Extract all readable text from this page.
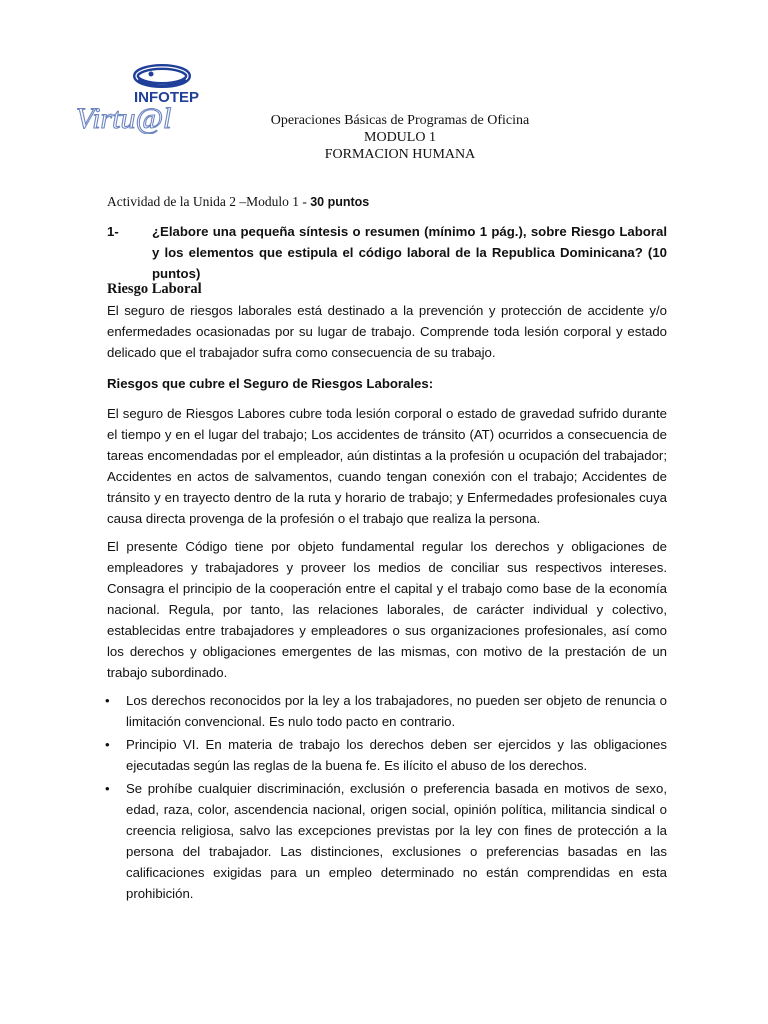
INFOTEP
Virtu@l	Operaciones Básicas de Programas de Oficina
MODULO 1
FORMACION HUMANA
Actividad de la Unida 2 –Modulo 1 - 30 puntos
1-	¿Elabore una pequeña síntesis o resumen (mínimo 1 pág.), sobre Riesgo Laboral y los elementos que estipula el código laboral de la Republica Dominicana? (10 puntos)
Riesgo Laboral
El seguro de riesgos laborales está destinado a la prevención y protección de accidente y/o enfermedades ocasionadas por su lugar de trabajo. Comprende toda lesión corporal y estado delicado que el trabajador sufra como consecuencia de su trabajo.
Riesgos que cubre el Seguro de Riesgos Laborales:
El seguro de Riesgos Labores cubre toda lesión corporal o estado de gravedad sufrido durante el tiempo y en el lugar del trabajo; Los accidentes de tránsito (AT) ocurridos a consecuencia de tareas encomendadas por el empleador, aún distintas a la profesión u ocupación del trabajador; Accidentes en actos de salvamentos, cuando tengan conexión con el trabajo; Accidentes de tránsito y en trayecto dentro de la ruta y horario de trabajo; y Enfermedades profesionales cuya causa directa provenga de la profesión o el trabajo que realiza la persona.
El presente Código tiene por objeto fundamental regular los derechos y obligaciones de empleadores y trabajadores y proveer los medios de conciliar sus respectivos intereses. Consagra el principio de la cooperación entre el capital y el trabajo como base de la economía nacional. Regula, por tanto, las relaciones laborales, de carácter individual y colectivo, establecidas entre trabajadores y empleadores o sus organizaciones profesionales, así como los derechos y obligaciones emergentes de las mismas, con motivo de la prestación de un trabajo subordinado.
•	Los derechos reconocidos por la ley a los trabajadores, no pueden ser objeto de renuncia o limitación convencional. Es nulo todo pacto en contrario.
•	Principio VI. En materia de trabajo los derechos deben ser ejercidos y las obligaciones ejecutadas según las reglas de la buena fe. Es ilícito el abuso de los derechos.
•	Se prohíbe cualquier discriminación, exclusión o preferencia basada en motivos de sexo, edad, raza, color, ascendencia nacional, origen social, opinión política, militancia sindical o creencia religiosa, salvo las excepciones previstas por la ley con fines de protección a la persona del trabajador. Las distinciones, exclusiones o preferencias basadas en las calificaciones exigidas para un empleo determinado no están comprendidas en esta prohibición.
